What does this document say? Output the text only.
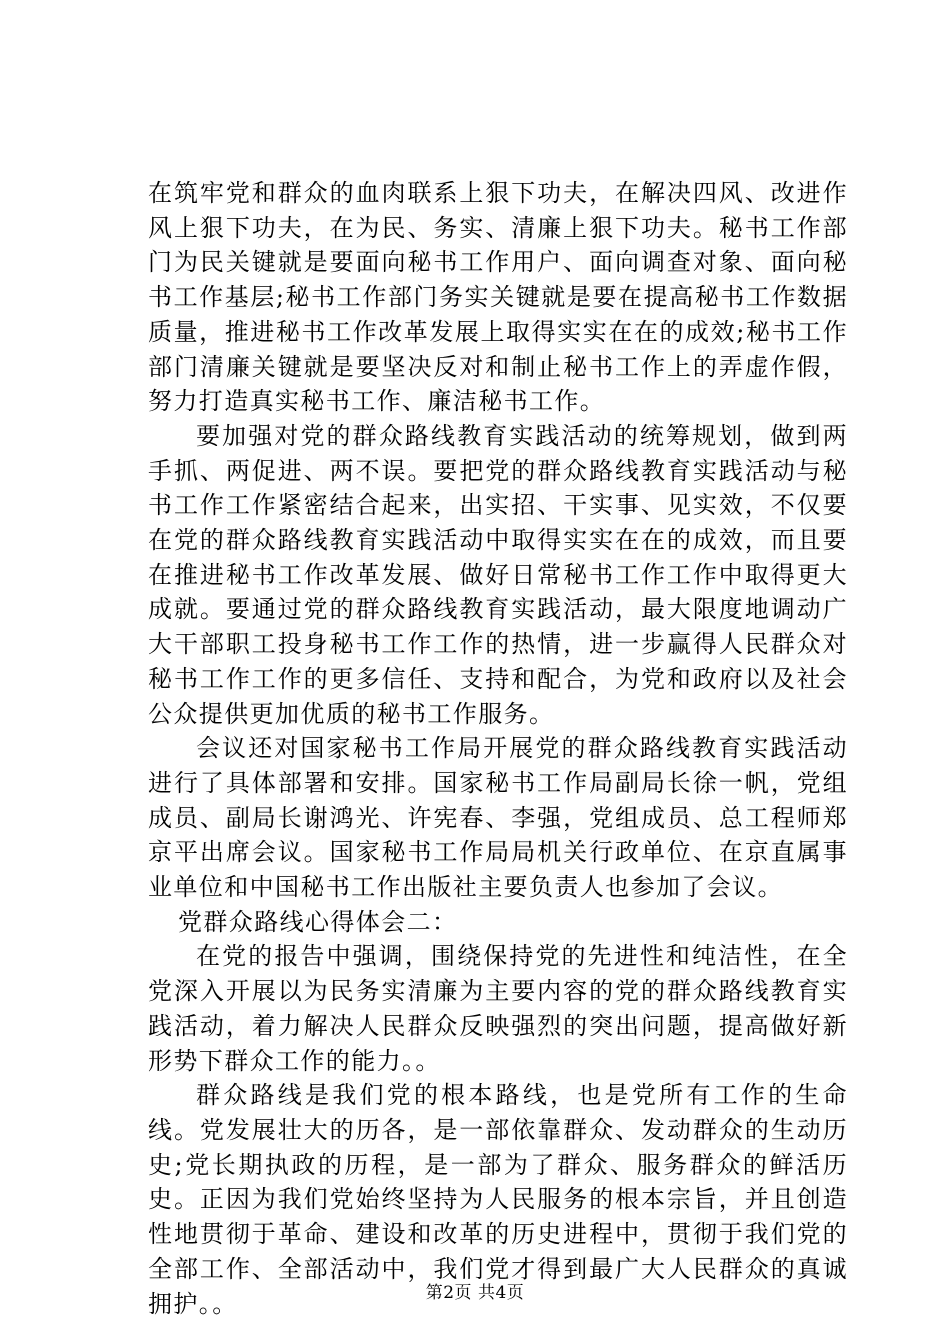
在筑牢党和群众的血肉联系上狠下功夫，在解决四风、改进作风上狠下功夫，在为民、务实、清廉上狠下功夫。秘书工作部门为民关键就是要面向秘书工作用户、面向调查对象、面向秘书工作基层;秘书工作部门务实关键就是要在提高秘书工作数据质量，推进秘书工作改革发展上取得实实在在的成效;秘书工作部门清廉关键就是要坚决反对和制止秘书工作上的弄虚作假，努力打造真实秘书工作、廉洁秘书工作。

要加强对党的群众路线教育实践活动的统筹规划，做到两手抓、两促进、两不误。要把党的群众路线教育实践活动与秘书工作工作紧密结合起来，出实招、干实事、见实效，不仅要在党的群众路线教育实践活动中取得实实在在的成效，而且要在推进秘书工作改革发展、做好日常秘书工作工作中取得更大成就。要通过党的群众路线教育实践活动，最大限度地调动广大干部职工投身秘书工作工作的热情，进一步赢得人民群众对秘书工作工作的更多信任、支持和配合，为党和政府以及社会公众提供更加优质的秘书工作服务。

会议还对国家秘书工作局开展党的群众路线教育实践活动进行了具体部署和安排。国家秘书工作局副局长徐一帆，党组成员、副局长谢鸿光、许宪春、李强，党组成员、总工程师郑京平出席会议。国家秘书工作局局机关行政单位、在京直属事业单位和中国秘书工作出版社主要负责人也参加了会议。

党群众路线心得体会二：

在党的报告中强调，围绕保持党的先进性和纯洁性，在全党深入开展以为民务实清廉为主要内容的党的群众路线教育实践活动，着力解决人民群众反映强烈的突出问题，提高做好新形势下群众工作的能力。。

群众路线是我们党的根本路线，也是党所有工作的生命线。党发展壮大的历各，是一部依靠群众、发动群众的生动历史;党长期执政的历程，是一部为了群众、服务群众的鲜活历史。正因为我们党始终坚持为人民服务的根本宗旨，并且创造性地贯彻于革命、建设和改革的历史进程中，贯彻于我们党的全部工作、全部活动中，我们党才得到最广大人民群众的真诚拥护。。	第2页 共4页
